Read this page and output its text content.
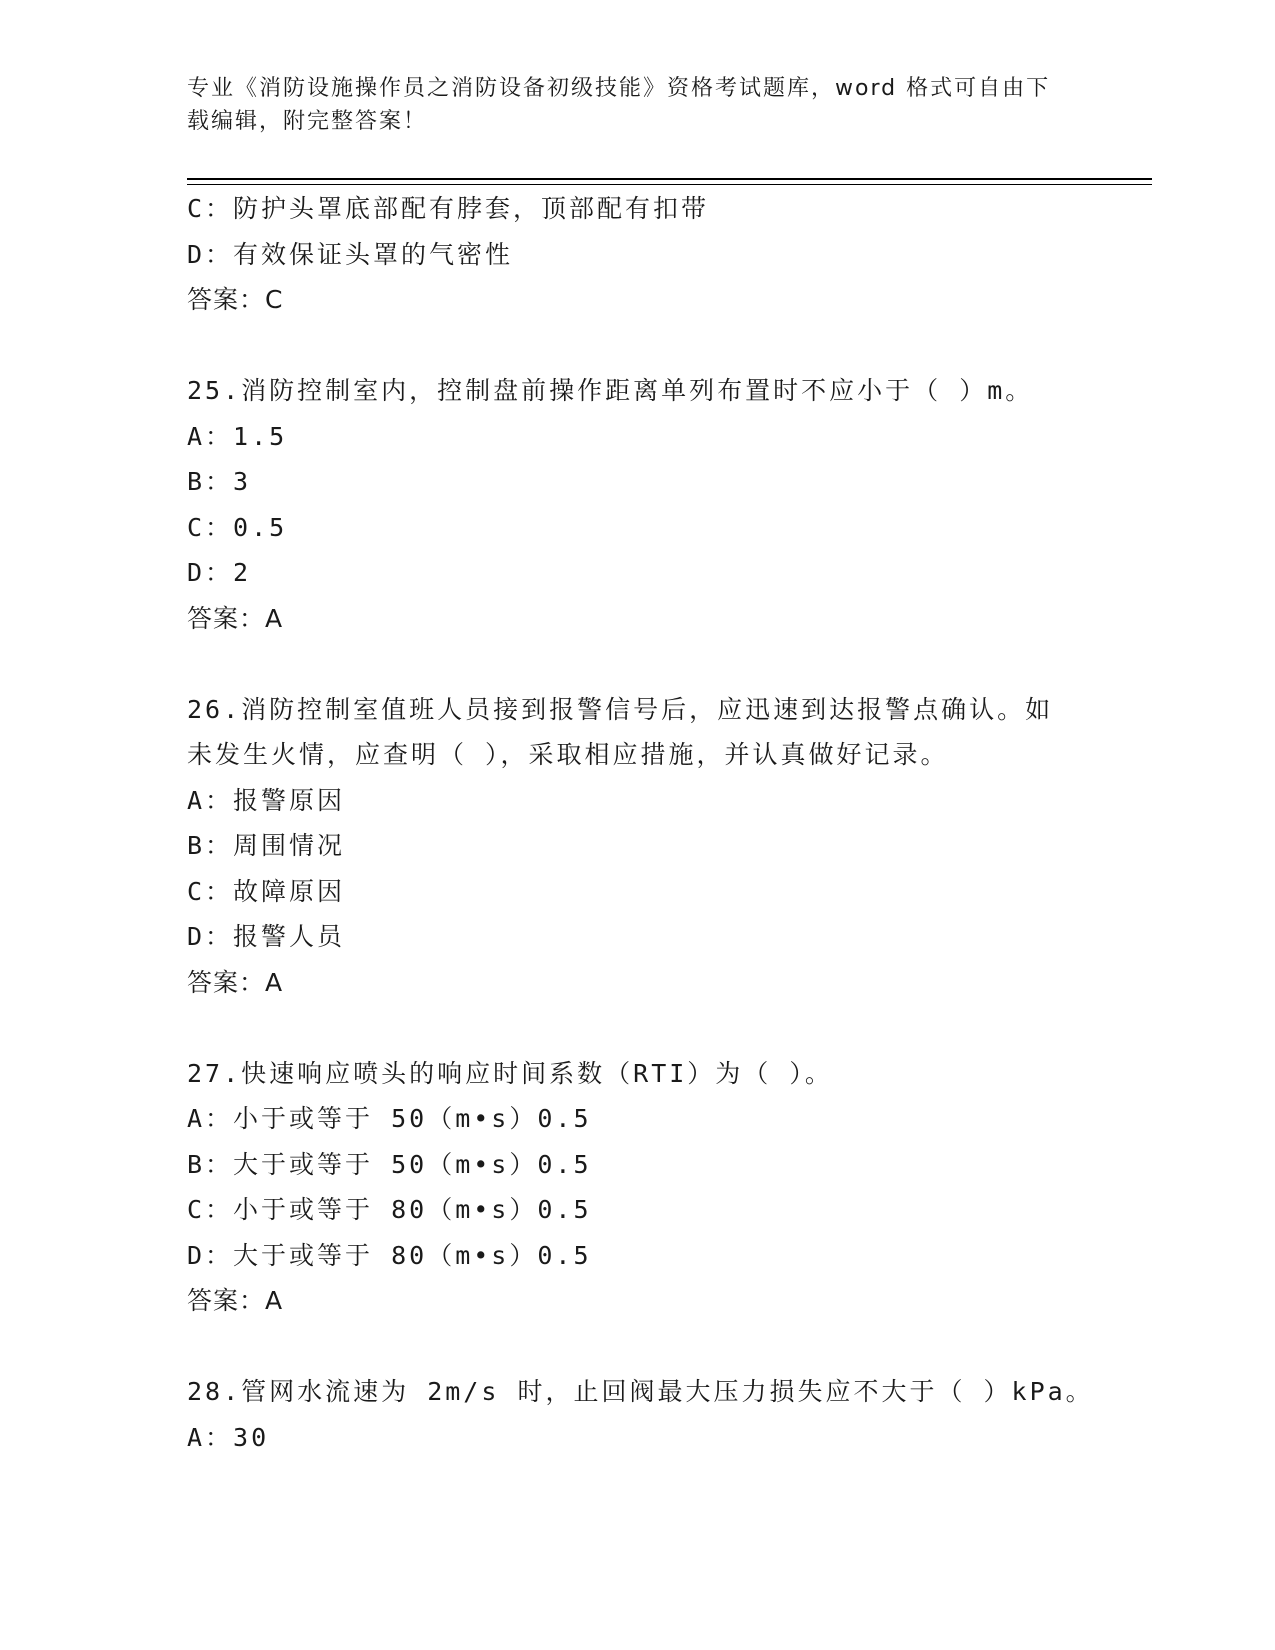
专业《消防设施操作员之消防设备初级技能》资格考试题库，word 格式可自由下载编辑，附完整答案！
C：防护头罩底部配有脖套，顶部配有扣带
D：有效保证头罩的气密性
答案：C
25.消防控制室内，控制盘前操作距离单列布置时不应小于（ ）m。
A：1.5
B：3
C：0.5
D：2
答案：A
26.消防控制室值班人员接到报警信号后，应迅速到达报警点确认。如
未发生火情，应查明（ ），采取相应措施，并认真做好记录。
A：报警原因
B：周围情况
C：故障原因
D：报警人员
答案：A
27.快速响应喷头的响应时间系数（RTI）为（ ）。
A：小于或等于 50（m•s）0.5
B：大于或等于 50（m•s）0.5
C：小于或等于 80（m•s）0.5
D：大于或等于 80（m•s）0.5
答案：A
28.管网水流速为 2m/s 时，止回阀最大压力损失应不大于（ ）kPa。
A：30
